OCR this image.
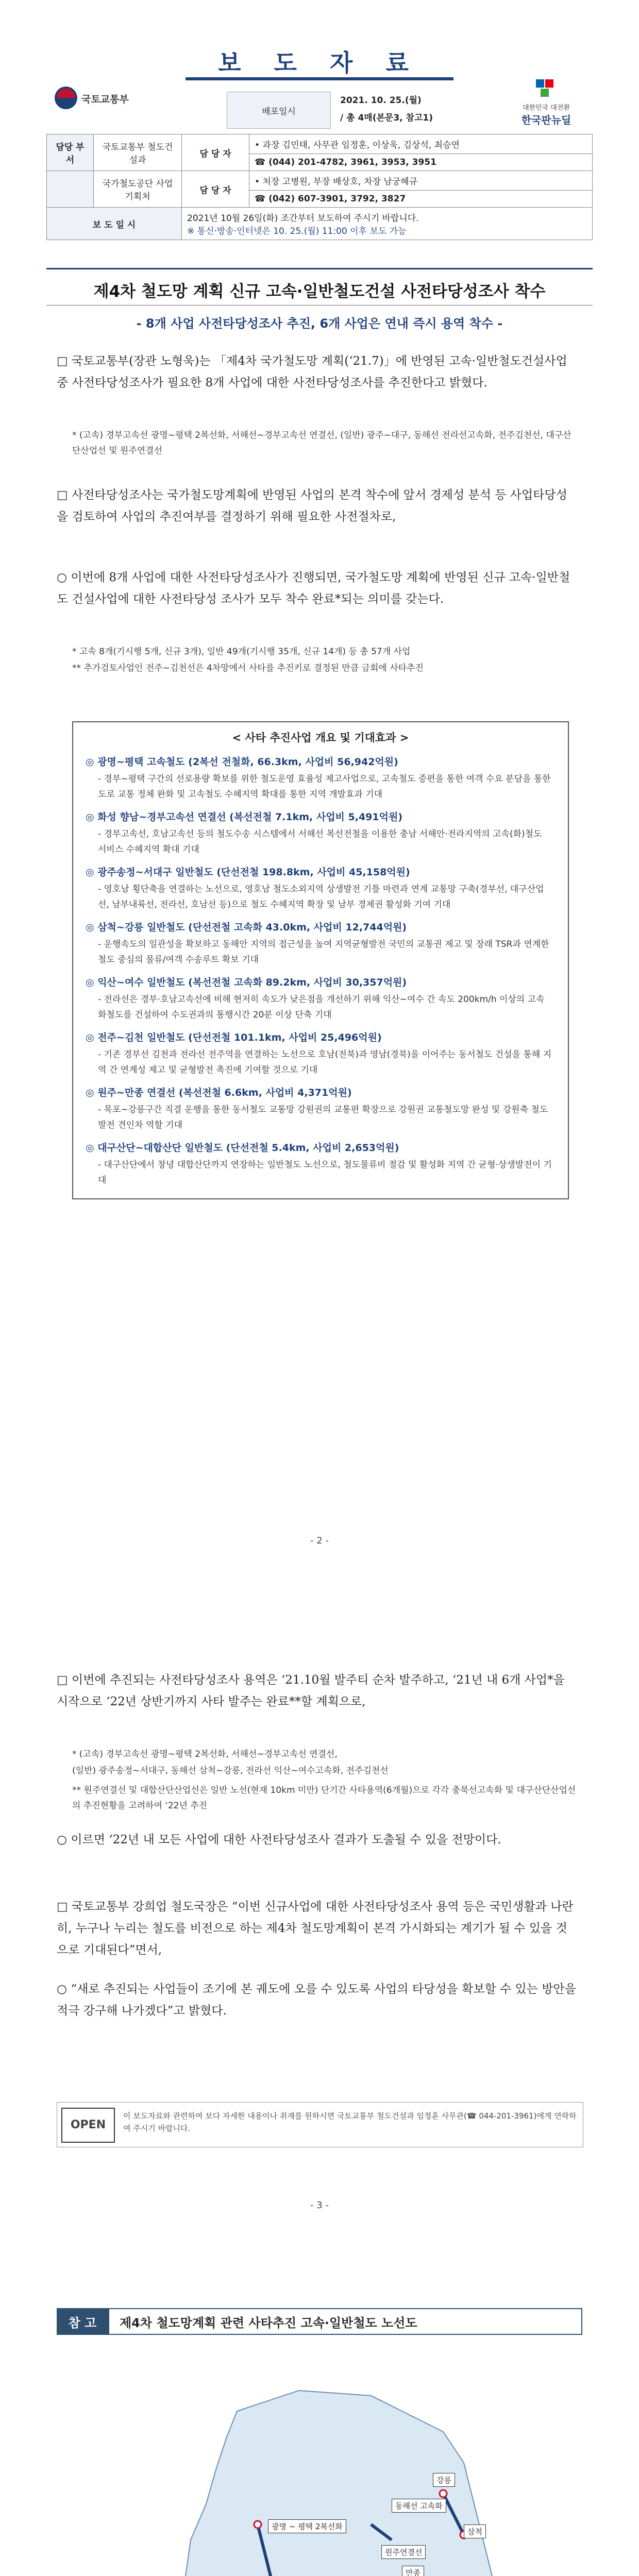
국토교통부
보 도 자 료
배포일시
2021. 10. 25.(월)
/ 총 4매(본문3, 참고1)
대한민국 대전환
한국판뉴딜
담당 부서	국토교통부 철도건설과	담 당 자	• 과장 김민태, 사무관 임정훈, 이상욱, 김상석, 최승연
			☎ (044) 201-4782, 3961, 3953, 3951
	국가철도공단 사업기획처	담 당 자	• 처장 고병원, 부장 배상호, 차장 남궁혜규
			☎ (042) 607-3901, 3792, 3827
보 도 일 시		2021년 10월 26일(화) 조간부터 보도하여 주시기 바랍니다.
※ 통신·방송·인터넷은 10. 25.(월) 11:00 이후 보도 가능	
제4차 철도망 계획 신규 고속·일반철도건설 사전타당성조사 착수
- 8개 사업 사전타당성조사 추진, 6개 사업은 연내 즉시 용역 착수 -
□ 국토교통부(장관 노형욱)는 「제4차 국가철도망 계획(‘21.7)」에 반영된 고속·일반철도건설사업 중 사전타당성조사가 필요한 8개 사업에 대한 사전타당성조사를 추진한다고 밝혔다.
* (고속) 경부고속선 광명∼평택 2복선화, 서해선∼경부고속선 연결선, (일반) 광주∼대구, 동해선 전라선고속화, 전주김천선, 대구산단산업선 및 원주연결선
□ 사전타당성조사는 국가철도망계획에 반영된 사업의 본격 착수에 앞서 경제성 분석 등 사업타당성을 검토하여 사업의 추진여부를 결정하기 위해 필요한 사전절차로,
○ 이번에 8개 사업에 대한 사전타당성조사가 진행되면, 국가철도망 계획에 반영된 신규 고속·일반철도 건설사업에 대한 사전타당성 조사가 모두 착수 완료*되는 의미를 갖는다.
* 고속 8개(기시행 5개, 신규 3개), 일반 49개(기시행 35개, 신규 14개) 등 총 57개 사업
** 추가검토사업인 전주∼김천선은 4차망에서 사타를 추진키로 결정된 만큼 금회에 사타추진
< 사타 추진사업 개요 및 기대효과 >
◎ 광명∼평택 고속철도 (2복선 전철화, 66.3km, 사업비 56,942억원)
- 경부∼평택 구간의 선로용량 확보를 위한 철도운영 효율성 제고사업으로, 고속철도 증편을 통한 여객 수요 분담을 통한 도로 교통 정체 완화 및 고속철도 수혜지역 확대를 통한 지역 개발효과 기대
◎ 화성 향남∼경부고속선 연결선 (복선전철 7.1km, 사업비 5,491억원)
- 경부고속선, 호남고속선 등의 철도수송 시스템에서 서해선 복선전철을 이용한 충남 서해안·전라지역의 고속(화)철도 서비스 수혜지역 확대 기대
◎ 광주송정∼서대구 일반철도 (단선전철 198.8km, 사업비 45,158억원)
- 영호남 횡단축을 연결하는 노선으로, 영호남 철도소외지역 상생발전 기틀 마련과 연계 교통망 구축(경부선, 대구산업선, 남부내륙선, 전라선, 호남선 등)으로 철도 수혜지역 확장 및 남부 경제권 활성화 기여 기대
◎ 삼척∼강릉 일반철도 (단선전철 고속화 43.0km, 사업비 12,744억원)
- 운행속도의 일관성을 확보하고 동해안 지역의 접근성을 높여 지역균형발전 국민의 교통권 제고 및 장래 TSR과 연계한 철도 중심의 물류/여객 수송루트 확보 기대
◎ 익산∼여수 일반철도 (복선전철 고속화 89.2km, 사업비 30,357억원)
- 전라선은 경부·호남고속선에 비해 현저히 속도가 낮은점을 개선하기 위해 익산∼여수 간 속도 200km/h 이상의 고속화철도를 건설하여 수도권과의 통행시간 20분 이상 단축 기대
◎ 전주∼김천 일반철도 (단선전철 101.1km, 사업비 25,496억원)
- 기존 경부선 김천과 전라선 전주역을 연결하는 노선으로 호남(전북)과 영남(경북)을 이어주는 동서철도 건설을 통해 지역 간 연계성 제고 및 균형발전 촉진에 기여할 것으로 기대
◎ 원주∼만종 연결선 (복선전철 6.6km, 사업비 4,371억원)
- 목포∼강릉구간 직결 운행을 통한 동서철도 교통망 강원권의 교통편 확장으로 강원권 교통철도망 완성 및 강원축 철도 발전 견인차 역할 기대
◎ 대구산단∼대합산단 일반철도 (단선전철 5.4km, 사업비 2,653억원)
- 대구산단에서 창녕 대합산단까지 연장하는 일반철도 노선으로, 철도물류비 절감 및 활성화 지역 간 균형·상생발전이 기대
- 2 -
□ 이번에 추진되는 사전타당성조사 용역은 ‘21.10월 발주티 순차 발주하고, ‘21년 내 6개 사업*을 시작으로 ‘22년 상반기까지 사타 발주는 완료**할 계획으로,
* (고속) 경부고속선 광명∼평택 2복선화, 서해선∼경부고속선 연결선,
(일반) 광주송정∼서대구, 동해선 삼척∼강릉, 전라선 익산∼여수고속화, 전주김천선
** 원주연결선 및 대합산단산업선은 일반 노선(현재 10km 미만) 단기간 사타용역(6개월)으로 각각 충북선고속화 및 대구산단산업선의 추진현황을 고려하여 ‘22년 추진
○ 이르면 ‘22년 내 모든 사업에 대한 사전타당성조사 결과가 도출될 수 있을 전망이다.
□ 국토교통부 강희업 철도국장은 “이번 신규사업에 대한 사전타당성조사 용역 등은 국민생활과 나란히, 누구나 누리는 철도를 비전으로 하는 제4차 철도망계획이 본격 가시화되는 계기가 될 수 있을 것으로 기대된다”면서,
○ “새로 추진되는 사업들이 조기에 본 궤도에 오를 수 있도록 사업의 타당성을 확보할 수 있는 방안을 적극 강구해 나가겠다”고 밝혔다.
OPEN
이 보도자료와 관련하여 보다 자세한 내용이나 취재를 원하시면 국토교통부 철도건설과 임정훈 사무관(☎ 044-201-3961)에게 연락하여 주시기 바랍니다.
- 3 -
참 고	제4차 철도망계획 관련 사타추진 고속·일반철도 노선도
강릉
동해선 고속화
삼척
원주연결선
광명 ~ 평택 2복선화
만종
